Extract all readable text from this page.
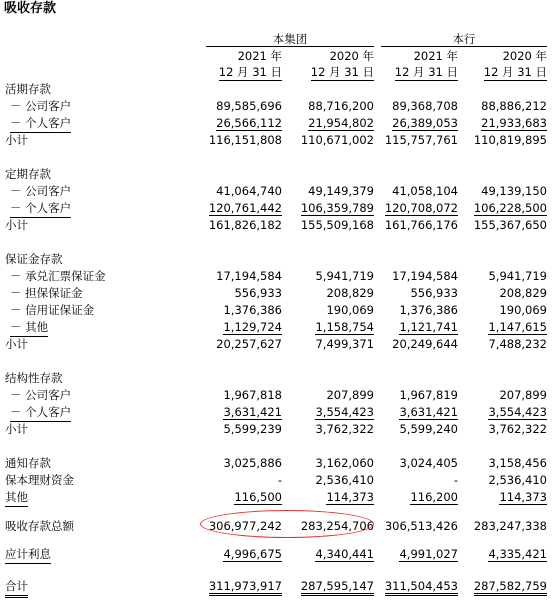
吸收存款
本集团	本行
2021 年
12 月 31 日
2020 年
12 月 31 日
2021 年
12 月 31 日
2020 年
12 月 31 日
活期存款
－ 公司客户	89,585,696	88,716,200	89,368,708	88,886,212
－ 个人客户	26,566,112	21,954,802	26,389,053	21,933,683
小计	116,151,808	110,671,002 115,757,761	110,819,895
定期存款
－ 公司客户	41,064,740	49,149,379	41,058,104	49,139,150
－ 个人客户	120,761,442	106,359,789 120,708,072	106,228,500
小计	161,826,182	155,509,168 161,766,176	155,367,650
保证金存款
－ 承兑汇票保证金	17,194,584	5,941,719	17,194,584	5,941,719
－ 担保保证金	556,933	208,829	556,933	208,829
－ 信用证保证金	1,376,386	190,069	1,376,386	190,069
－ 其他	1,129,724	1,158,754	1,121,741	1,147,615
小计	20,257,627	7,499,371	20,249,644	7,488,232
结构性存款
－ 公司客户	1,967,818	207,899	1,967,819	207,899
－ 个人客户	3,631,421	3,554,423	3,631,421	3,554,423
小计	5,599,239	3,762,322	5,599,240	3,762,322
通知存款	3,025,886	3,162,060	3,024,405	3,158,456
保本理财资金	-	2,536,410	-	2,536,410
其他	116,500	114,373	116,200	114,373
吸收存款总额	306,977,242	283,254,706 306,513,426	283,247,338
应计利息	4,996,675	4,340,441	4,991,027	4,335,421
合计	311,973,917	287,595,147 311,504,453	287,582,759
